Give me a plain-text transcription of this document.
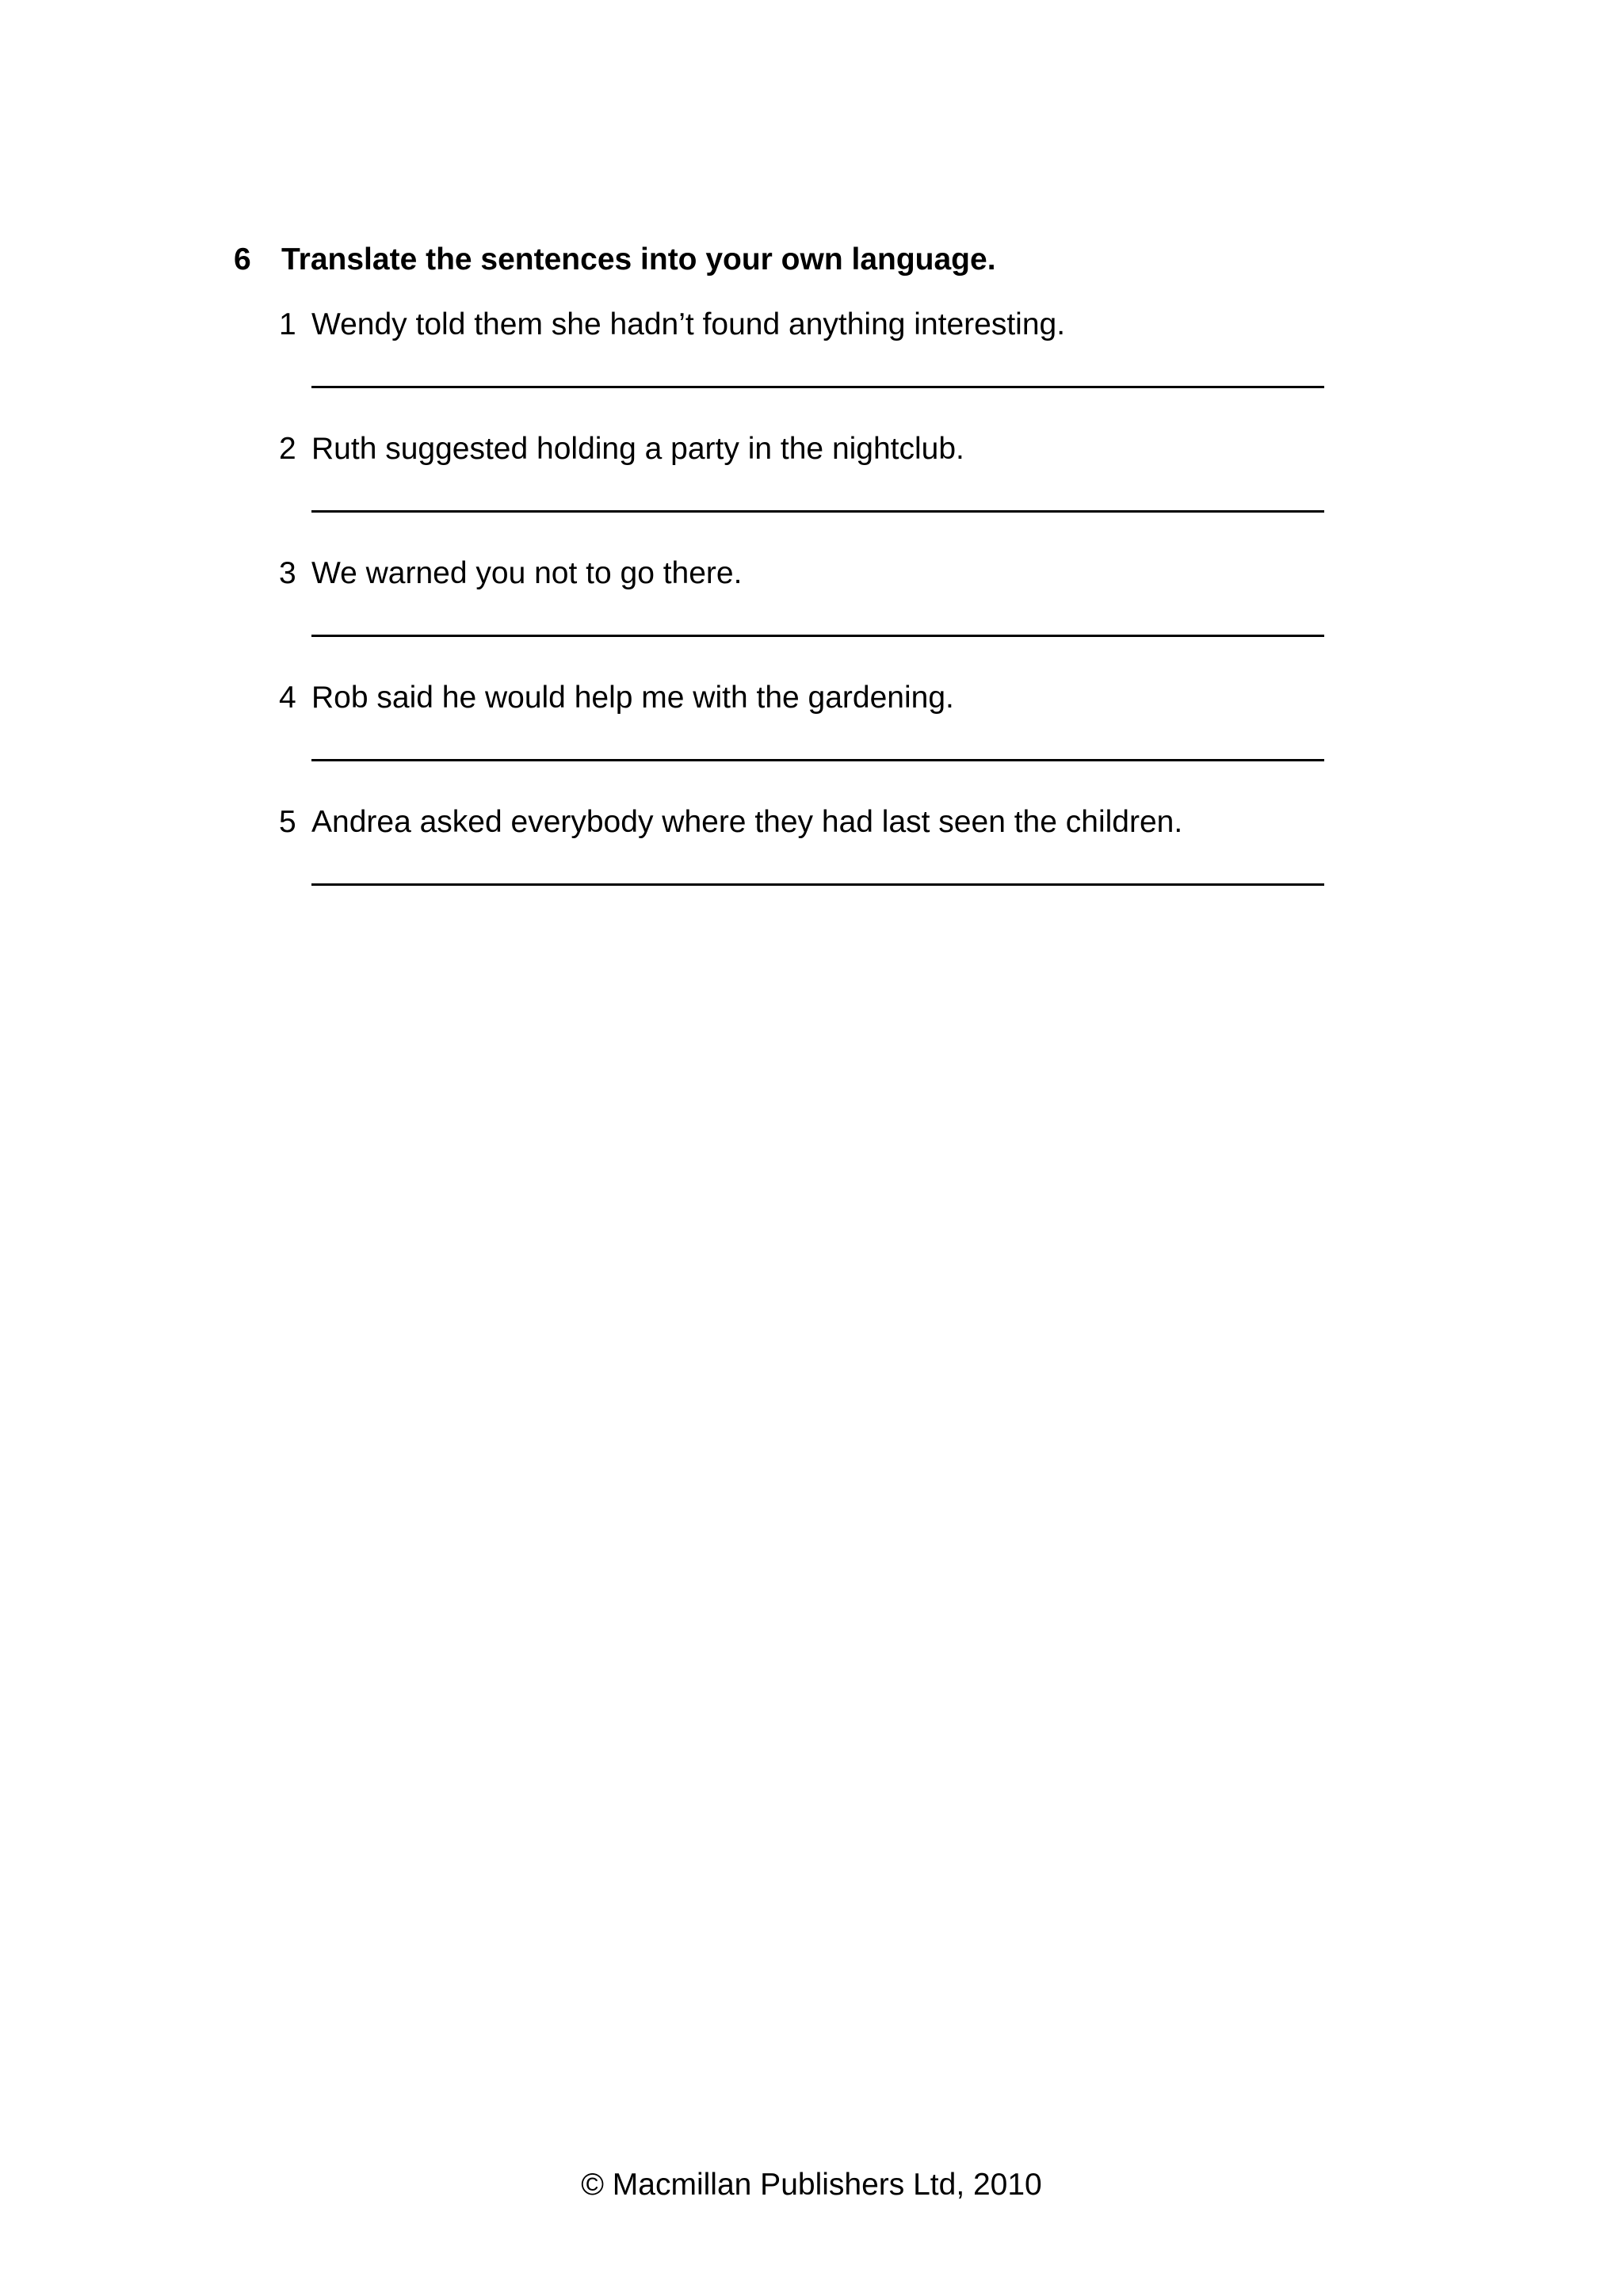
6 Translate the sentences into your own language.
1 Wendy told them she hadn’t found anything interesting.
2 Ruth suggested holding a party in the nightclub.
3 We warned you not to go there.
4 Rob said he would help me with the gardening.
5 Andrea asked everybody where they had last seen the children.
© Macmillan Publishers Ltd, 2010
